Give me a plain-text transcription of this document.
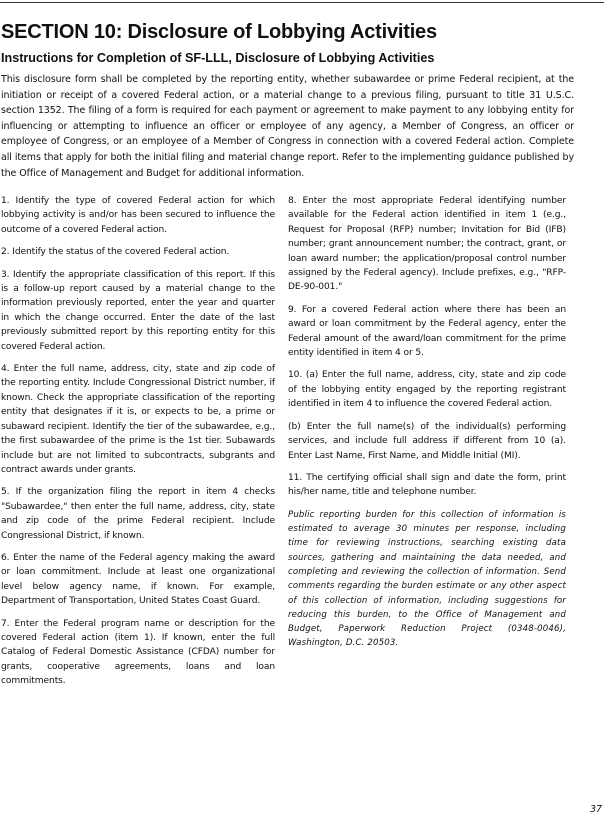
SECTION 10: Disclosure of Lobbying Activities
Instructions for Completion of SF-LLL, Disclosure of Lobbying Activities

This disclosure form shall be completed by the reporting entity, whether subawardee or prime Federal recipient, at the initiation or receipt of a covered Federal action, or a material change to a previous filing, pursuant to title 31 U.S.C. section 1352. The filing of a form is required for each payment or agreement to make payment to any lobbying entity for influencing or attempting to influence an officer or employee of any agency, a Member of Congress, an officer or employee of Congress, or an employee of a Member of Congress in connection with a covered Federal action. Complete all items that apply for both the initial filing and material change report. Refer to the implementing guidance published by the Office of Management and Budget for additional information.

1. Identify the type of covered Federal action for which lobbying activity is and/or has been secured to influence the outcome of a covered Federal action.

2. Identify the status of the covered Federal action.

3. Identify the appropriate classification of this report. If this is a follow-up report caused by a material change to the information previously reported, enter the year and quarter in which the change occurred. Enter the date of the last previously submitted report by this reporting entity for this covered Federal action.

4. Enter the full name, address, city, state and zip code of the reporting entity. Include Congressional District number, if known. Check the appropriate classification of the reporting entity that designates if it is, or expects to be, a prime or subaward recipient. Identify the tier of the subawardee, e.g., the first subawardee of the prime is the 1st tier. Subawards include but are not limited to subcontracts, subgrants and contract awards under grants.

5. If the organization filing the report in item 4 checks "Subawardee," then enter the full name, address, city, state and zip code of the prime Federal recipient. Include Congressional District, if known.

6. Enter the name of the Federal agency making the award or loan commitment. Include at least one organizational level below agency name, if known. For example, Department of Transportation, United States Coast Guard.

7. Enter the Federal program name or description for the covered Federal action (item 1). If known, enter the full Catalog of Federal Domestic Assistance (CFDA) number for grants, cooperative agreements, loans and loan commitments.

8. Enter the most appropriate Federal identifying number available for the Federal action identified in item 1 (e.g., Request for Proposal (RFP) number; Invitation for Bid (IFB) number; grant announcement number; the contract, grant, or loan award number; the application/proposal control number assigned by the Federal agency). Include prefixes, e.g., "RFP-DE-90-001."

9. For a covered Federal action where there has been an award or loan commitment by the Federal agency, enter the Federal amount of the award/loan commitment for the prime entity identified in item 4 or 5.

10. (a) Enter the full name, address, city, state and zip code of the lobbying entity engaged by the reporting registrant identified in item 4 to influence the covered Federal action.

(b) Enter the full name(s) of the individual(s) performing services, and include full address if different from 10 (a). Enter Last Name, First Name, and Middle Initial (MI).

11. The certifying official shall sign and date the form, print his/her name, title and telephone number.

Public reporting burden for this collection of information is estimated to average 30 minutes per response, including time for reviewing instructions, searching existing data sources, gathering and maintaining the data needed, and completing and reviewing the collection of information. Send comments regarding the burden estimate or any other aspect of this collection of information, including suggestions for reducing this burden, to the Office of Management and Budget, Paperwork Reduction Project (0348-0046), Washington, D.C. 20503.

37
